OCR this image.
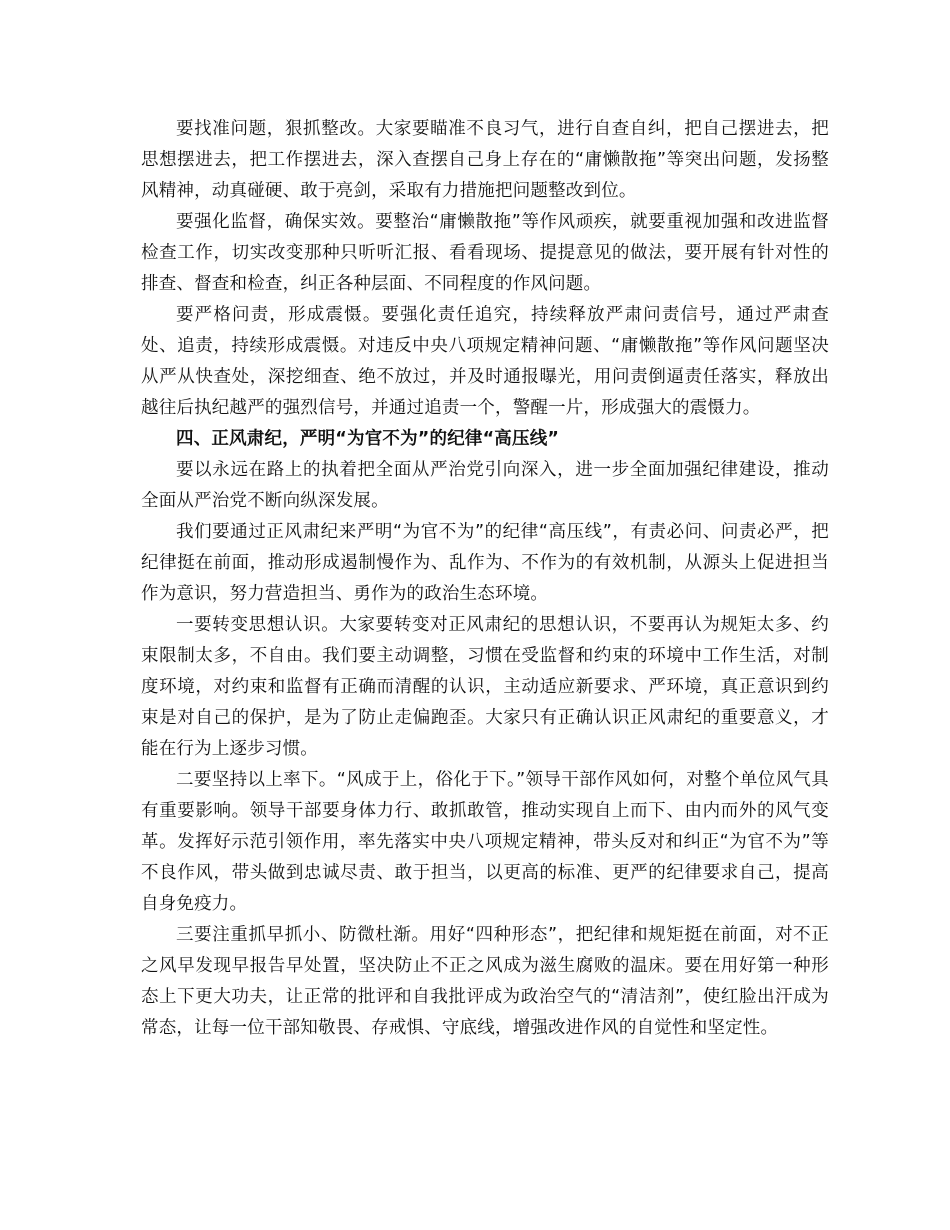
要找准问题，狠抓整改。大家要瞄准不良习气，进行自查自纠，把自己摆进去，把思想摆进去，把工作摆进去，深入查摆自己身上存在的“庸懒散拖”等突出问题，发扬整风精神，动真碰硬、敢于亮剑，采取有力措施把问题整改到位。

要强化监督，确保实效。要整治“庸懒散拖”等作风顽疾，就要重视加强和改进监督检查工作，切实改变那种只听听汇报、看看现场、提提意见的做法，要开展有针对性的排查、督查和检查，纠正各种层面、不同程度的作风问题。

要严格问责，形成震慑。要强化责任追究，持续释放严肃问责信号，通过严肃查处、追责，持续形成震慑。对违反中央八项规定精神问题、“庸懒散拖”等作风问题坚决从严从快查处，深挖细查、绝不放过，并及时通报曝光，用问责倒逼责任落实，释放出越往后执纪越严的强烈信号，并通过追责一个，警醒一片，形成强大的震慑力。

四、正风肃纪，严明“为官不为”的纪律“高压线”

要以永远在路上的执着把全面从严治党引向深入，进一步全面加强纪律建设，推动全面从严治党不断向纵深发展。

我们要通过正风肃纪来严明“为官不为”的纪律“高压线”，有责必问、问责必严，把纪律挺在前面，推动形成遏制慢作为、乱作为、不作为的有效机制，从源头上促进担当作为意识，努力营造担当、勇作为的政治生态环境。

一要转变思想认识。大家要转变对正风肃纪的思想认识，不要再认为规矩太多、约束限制太多，不自由。我们要主动调整，习惯在受监督和约束的环境中工作生活，对制度环境，对约束和监督有正确而清醒的认识，主动适应新要求、严环境，真正意识到约束是对自己的保护，是为了防止走偏跑歪。大家只有正确认识正风肃纪的重要意义，才能在行为上逐步习惯。

二要坚持以上率下。“风成于上，俗化于下。”领导干部作风如何，对整个单位风气具有重要影响。领导干部要身体力行、敢抓敢管，推动实现自上而下、由内而外的风气变革。发挥好示范引领作用，率先落实中央八项规定精神，带头反对和纠正“为官不为”等不良作风，带头做到忠诚尽责、敢于担当，以更高的标准、更严的纪律要求自己，提高自身免疫力。

三要注重抓早抓小、防微杜渐。用好“四种形态”，把纪律和规矩挺在前面，对不正之风早发现早报告早处置，坚决防止不正之风成为滋生腐败的温床。要在用好第一种形态上下更大功夫，让正常的批评和自我批评成为政治空气的“清洁剂”，使红脸出汗成为常态，让每一位干部知敬畏、存戒惧、守底线，增强改进作风的自觉性和坚定性。
